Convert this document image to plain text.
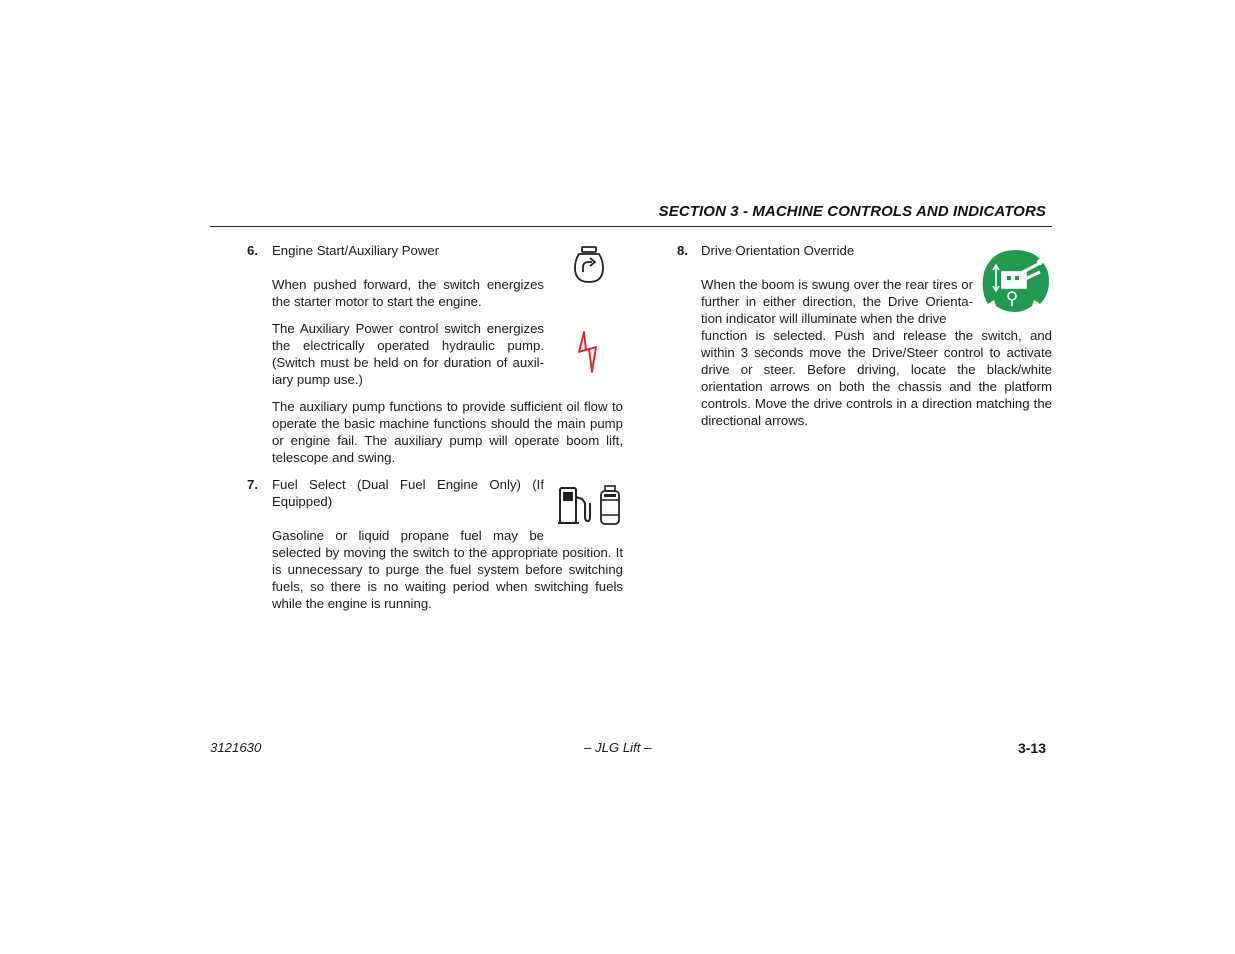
SECTION 3 - MACHINE CONTROLS AND INDICATORS
6. Engine Start/Auxiliary Power
When pushed forward, the switch energizes the starter motor to start the engine.
The Auxiliary Power control switch energizes the electrically operated hydraulic pump. (Switch must be held on for duration of auxil-iary pump use.)
The auxiliary pump functions to provide sufficient oil flow to operate the basic machine functions should the main pump or engine fail. The auxiliary pump will operate boom lift, telescope and swing.
7. Fuel Select (Dual Fuel Engine Only) (If Equipped)
Gasoline or liquid propane fuel may be
selected by moving the switch to the appropriate position. It is unnecessary to purge the fuel system before switching fuels, so there is no waiting period when switching fuels while the engine is running.
8. Drive Orientation Override
When the boom is swung over the rear tires or further in either direction, the Drive Orienta-tion indicator will illuminate when the drive
function is selected. Push and release the switch, and within 3 seconds move the Drive/Steer control to activate drive or steer. Before driving, locate the black/white orientation arrows on both the chassis and the platform controls. Move the drive controls in a direction matching the directional arrows.
3121630	– JLG Lift –	3-13
